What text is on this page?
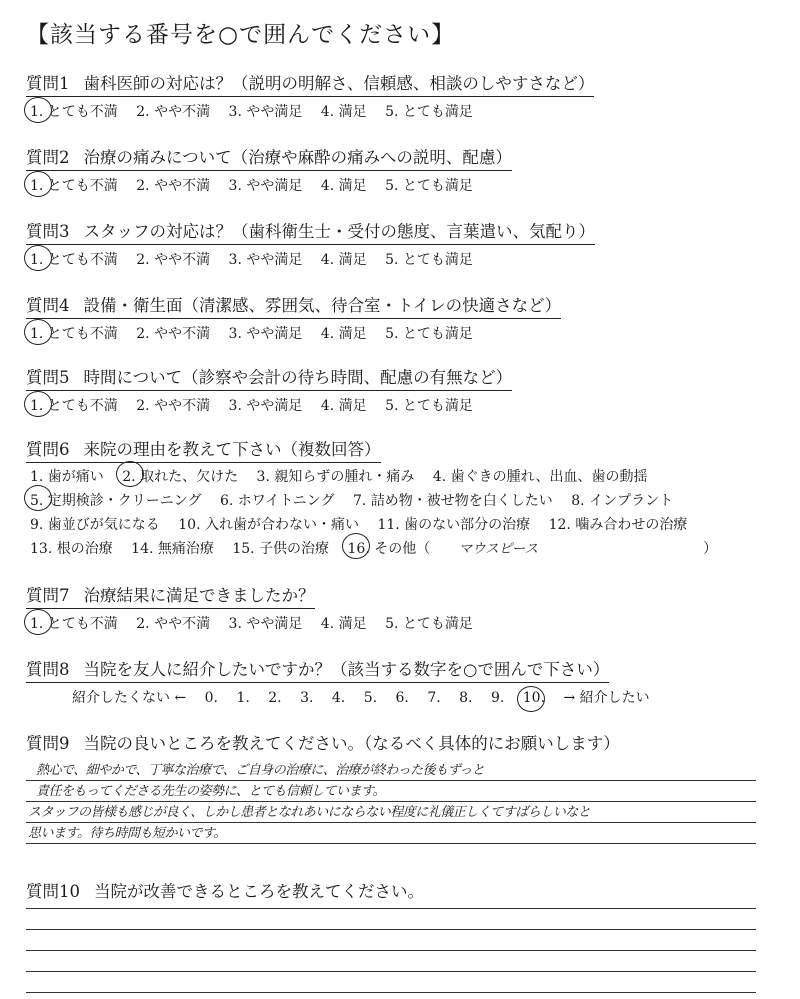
【該当する番号を○で囲んでください】
質問1 歯科医師の対応は？（説明の明解さ、信頼感、相談のしやすさなど）
1. とても不満 2. やや不満 3. やや満足 4. 満足 5. とても満足
質問2 治療の痛みについて（治療や麻酔の痛みへの説明、配慮）
1. とても不満 2. やや不満 3. やや満足 4. 満足 5. とても満足
質問3 スタッフの対応は？（歯科衛生士・受付の態度、言葉遣い、気配り）
1. とても不満 2. やや不満 3. やや満足 4. 満足 5. とても満足
質問4 設備・衛生面（清潔感、雰囲気、待合室・トイレの快適さなど）
1. とても不満 2. やや不満 3. やや満足 4. 満足 5. とても満足
質問5 時間について（診察や会計の待ち時間、配慮の有無など）
1. とても不満 2. やや不満 3. やや満足 4. 満足 5. とても満足
質問6 来院の理由を教えて下さい（複数回答）
1. 歯が痛い 2. 取れた、欠けた 3. 親知らずの腫れ・痛み 4. 歯ぐきの腫れ、出血、歯の動揺
5. 定期検診・クリーニング 6. ホワイトニング 7. 詰め物・被せ物を白くしたい 8. インプラント
9. 歯並びが気になる 10. 入れ歯が合わない・痛い 11. 歯のない部分の治療 12. 噛み合わせの治療
13. 根の治療 14. 無痛治療 15. 子供の治療 16. その他（ マウスピース	）
質問7 治療結果に満足できましたか？
1. とても不満 2. やや不満 3. やや満足 4. 満足 5. とても満足
質問8 当院を友人に紹介したいですか？（該当する数字を○で囲んで下さい）
紹介したくない ← 0. 1. 2. 3. 4. 5. 6. 7. 8. 9. 10. → 紹介したい
質問9 当院の良いところを教えてください。（なるべく具体的にお願いします）
熱心で、細やかで、丁寧な治療で、ご自身の治療に、治療が終わった後もずっと
責任をもってくださる先生の姿勢に、とても信頼しています。
スタッフの皆様も感じが良く、しかし患者となれあいにならない程度に礼儀正しくてすばらしいなと
思います。待ち時間も短かいです。
質問10 当院が改善できるところを教えてください。
